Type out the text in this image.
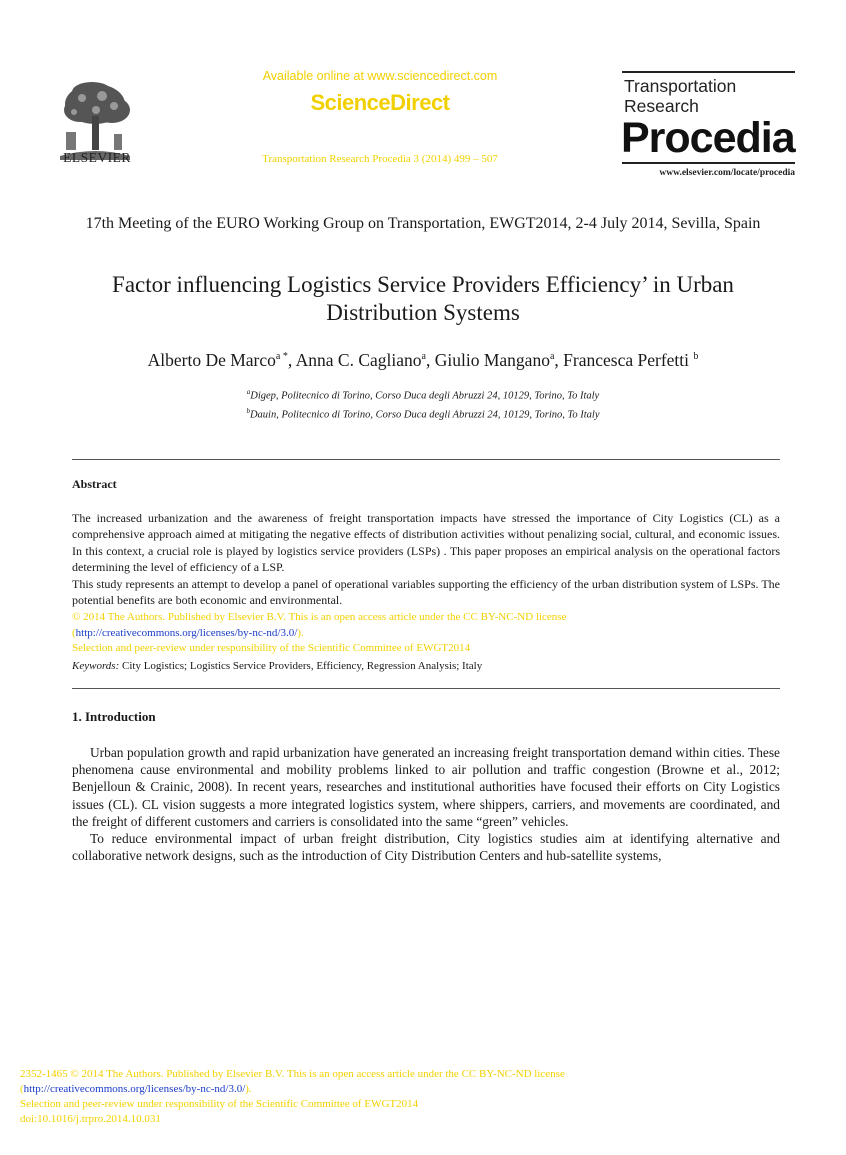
ELSEVIER
Available online at www.sciencedirect.com
ScienceDirect
Transportation Research Procedia 3 (2014) 499 – 507
Transportation
Research
Procedia
www.elsevier.com/locate/procedia
17th Meeting of the EURO Working Group on Transportation, EWGT2014, 2-4 July 2014, Sevilla, Spain
Factor influencing Logistics Service Providers Efficiency’ in Urban Distribution Systems
Alberto De Marco$^{a *}$, Anna C. Cagliano$^a$, Giulio Mangano$^a$, Francesca Perfetti $^b$
$^a$Digep, Politecnico di Torino, Corso Duca degli Abruzzi 24, 10129, Torino, To Italy
$^b$Dauin, Politecnico di Torino, Corso Duca degli Abruzzi 24, 10129, Torino, To Italy
Abstract

The increased urbanization and the awareness of freight transportation impacts have stressed the importance of City Logistics (CL) as a comprehensive approach aimed at mitigating the negative effects of distribution activities without penalizing social, cultural, and economic issues. In this context, a crucial role is played by logistics service providers (LSPs) . This paper proposes an empirical analysis on the operational factors determining the level of efficiency of a LSP.

This study represents an attempt to develop a panel of operational variables supporting the efficiency of the urban distribution system of LSPs. The potential benefits are both economic and environmental.

© 2014 The Authors. Published by Elsevier B.V. This is an open access article under the CC BY-NC-ND license
(http://creativecommons.org/licenses/by-nc-nd/3.0/).
Selection and peer-review under responsibility of the Scientific Committee of EWGT2014
Keywords: City Logistics; Logistics Service Providers, Efficiency, Regression Analysis; Italy
1. Introduction

Urban population growth and rapid urbanization have generated an increasing freight transportation demand within cities. These phenomena cause environmental and mobility problems linked to air pollution and traffic congestion (Browne et al., 2012; Benjelloun & Crainic, 2008). In recent years, researches and institutional authorities have focused their efforts on City Logistics issues (CL). CL vision suggests a more integrated logistics system, where shippers, carriers, and movements are coordinated, and the freight of different customers and carriers is consolidated into the same “green” vehicles.

To reduce environmental impact of urban freight distribution, City logistics studies aim at identifying alternative and collaborative network designs, such as the introduction of City Distribution Centers and hub-satellite systems,

2352-1465 © 2014 The Authors. Published by Elsevier B.V. This is an open access article under the CC BY-NC-ND license
(http://creativecommons.org/licenses/by-nc-nd/3.0/).
Selection and peer-review under responsibility of the Scientific Committee of EWGT2014
doi:10.1016/j.trpro.2014.10.031
